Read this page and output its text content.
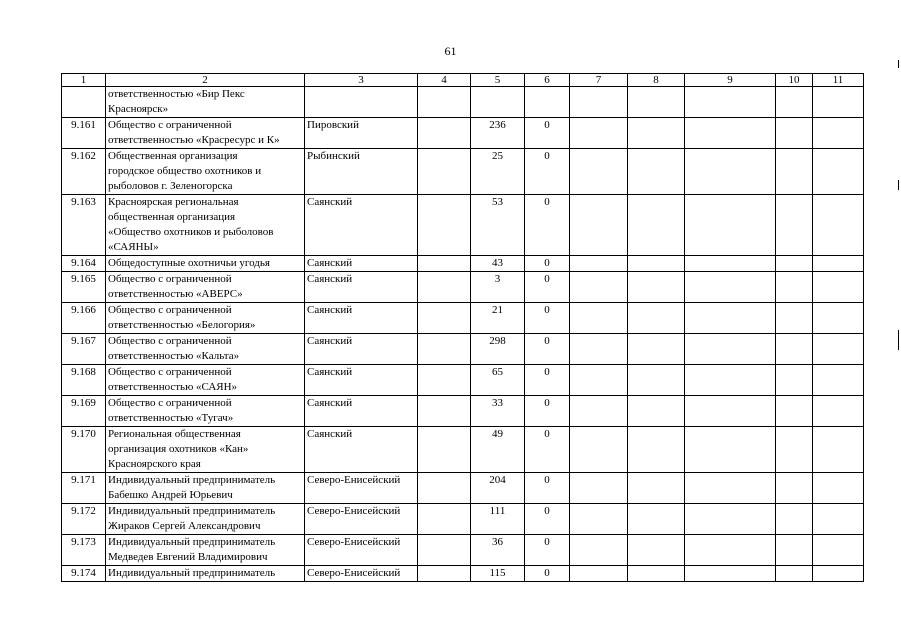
61
1	2	3	4	5	6	7	8	9	10	11

	ответственностью «Бир Пекс
Красноярск»									

9.161	Общество с ограниченной
ответственностью «Красресурс и К»	Пировский		236	0					
9.162	Общественная организация
городское общество охотников и
рыболовов г. Зеленогорска	Рыбинский		25	0					
9.163	Красноярская региональная
общественная организация
«Общество охотников и рыболовов
«САЯНЫ»	Саянский		53	0					
9.164	Общедоступные охотничьи угодья	Саянский		43	0					
9.165	Общество с ограниченной
ответственностью «АВЕРС»	Саянский		3	0					
9.166	Общество с ограниченной
ответственностью «Белогория»	Саянский		21	0					
9.167	Общество с ограниченной
ответственностью «Кальта»	Саянский		298	0					
9.168	Общество с ограниченной
ответственностью «САЯН»	Саянский		65	0					
9.169	Общество с ограниченной
ответственностью «Тугач»	Саянский		33	0					
9.170	Региональная общественная
организация охотников «Кан»
Красноярского края	Саянский		49	0					
9.171	Индивидуальный предприниматель
Бабешко Андрей Юрьевич	Северо-Енисейский		204	0					
9.172	Индивидуальный предприниматель
Жираков Сергей Александрович	Северо-Енисейский		111	0					
9.173	Индивидуальный предприниматель
Медведев Евгений Владимирович	Северо-Енисейский		36	0					
9.174	Индивидуальный предприниматель	Северо-Енисейский		115	0					
